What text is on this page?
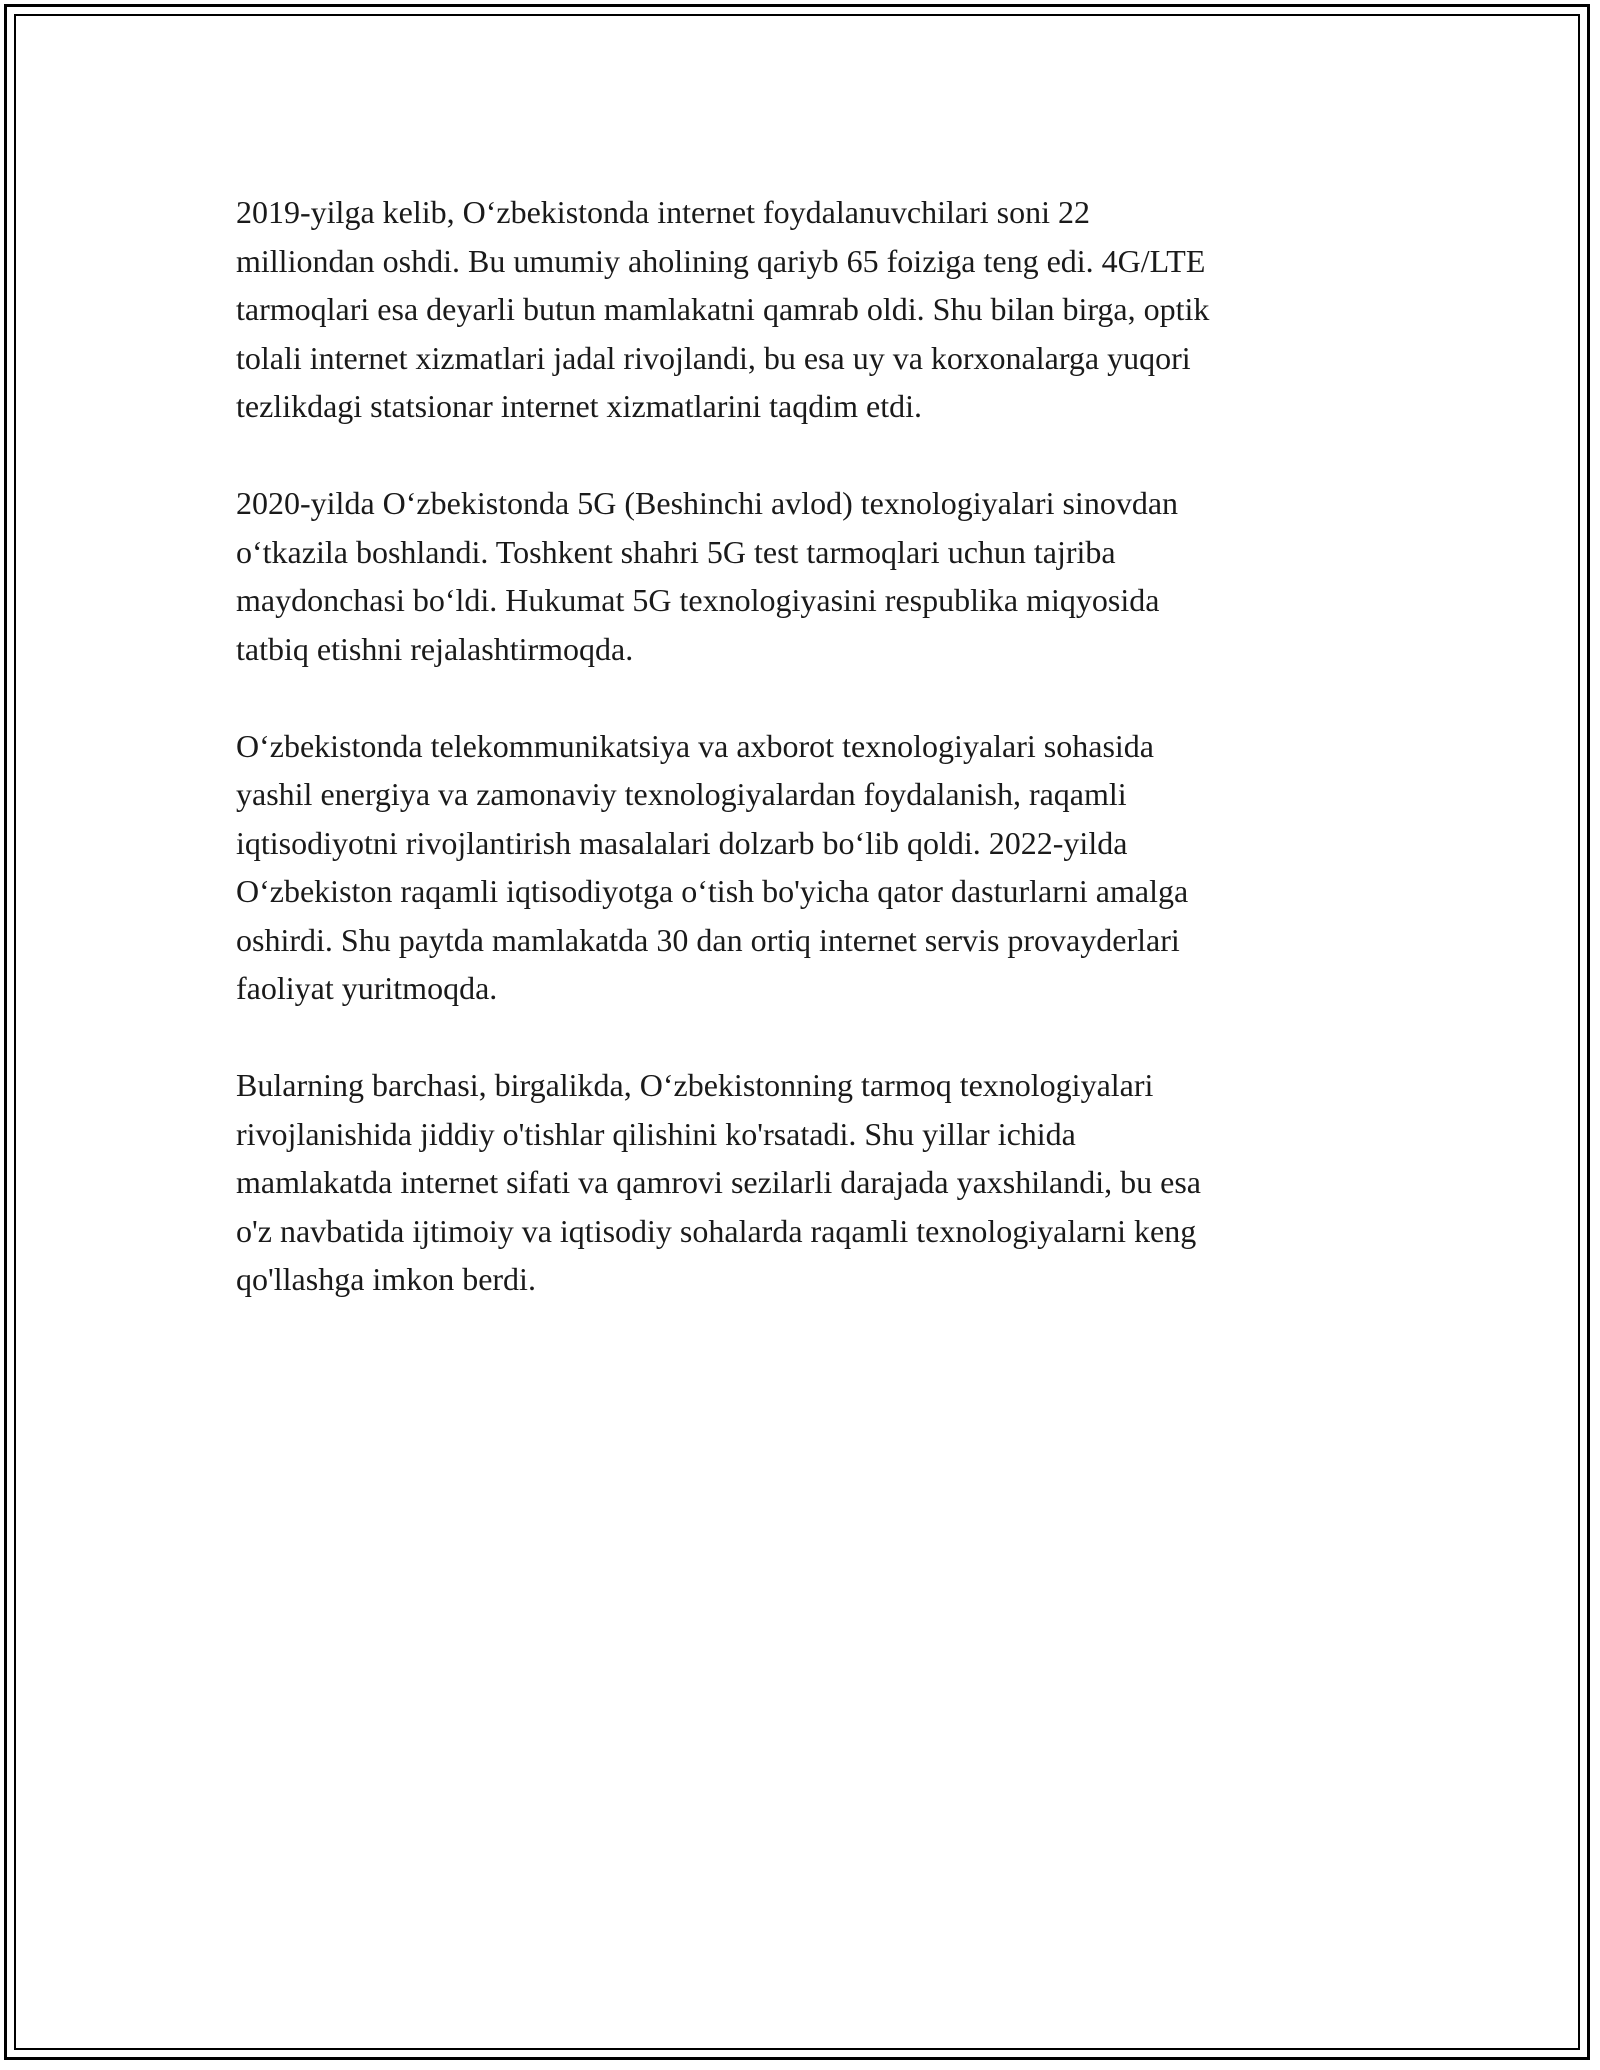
2019-yilga kelib, O‘zbekistonda internet foydalanuvchilari soni 22
milliondan oshdi. Bu umumiy aholining qariyb 65 foiziga teng edi. 4G/LTE
tarmoqlari esa deyarli butun mamlakatni qamrab oldi. Shu bilan birga, optik
tolali internet xizmatlari jadal rivojlandi, bu esa uy va korxonalarga yuqori
tezlikdagi statsionar internet xizmatlarini taqdim etdi.

2020-yilda O‘zbekistonda 5G (Beshinchi avlod) texnologiyalari sinovdan
o‘tkazila boshlandi. Toshkent shahri 5G test tarmoqlari uchun tajriba
maydonchasi bo‘ldi. Hukumat 5G texnologiyasini respublika miqyosida
tatbiq etishni rejalashtirmoqda.

O‘zbekistonda telekommunikatsiya va axborot texnologiyalari sohasida
yashil energiya va zamonaviy texnologiyalardan foydalanish, raqamli
iqtisodiyotni rivojlantirish masalalari dolzarb bo‘lib qoldi. 2022-yilda
O‘zbekiston raqamli iqtisodiyotga o‘tish bo'yicha qator dasturlarni amalga
oshirdi. Shu paytda mamlakatda 30 dan ortiq internet servis provayderlari
faoliyat yuritmoqda.

Bularning barchasi, birgalikda, O‘zbekistonning tarmoq texnologiyalari
rivojlanishida jiddiy o'tishlar qilishini ko'rsatadi. Shu yillar ichida
mamlakatda internet sifati va qamrovi sezilarli darajada yaxshilandi, bu esa
o'z navbatida ijtimoiy va iqtisodiy sohalarda raqamli texnologiyalarni keng
qo'llashga imkon berdi.
